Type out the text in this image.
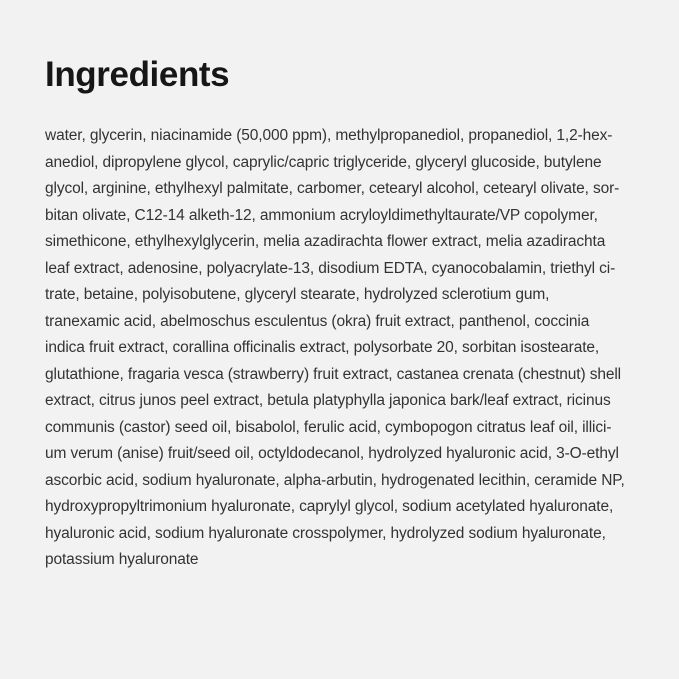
Ingredients
water, glycerin, niacinamide (50,000 ppm), methylpropanediol, propanediol, 1,2-hex-
anediol, dipropylene glycol, caprylic/capric triglyceride, glyceryl glucoside, butylene
glycol, arginine, ethylhexyl palmitate, carbomer, cetearyl alcohol, cetearyl olivate, sor-
bitan olivate, C12-14 alketh-12, ammonium acryloyldimethyltaurate/VP copolymer,
simethicone, ethylhexylglycerin, melia azadirachta flower extract, melia azadirachta
leaf extract, adenosine, polyacrylate-13, disodium EDTA, cyanocobalamin, triethyl ci-
trate, betaine, polyisobutene, glyceryl stearate, hydrolyzed sclerotium gum,
tranexamic acid, abelmoschus esculentus (okra) fruit extract, panthenol, coccinia
indica fruit extract, corallina officinalis extract, polysorbate 20, sorbitan isostearate,
glutathione, fragaria vesca (strawberry) fruit extract, castanea crenata (chestnut) shell
extract, citrus junos peel extract, betula platyphylla japonica bark/leaf extract, ricinus
communis (castor) seed oil, bisabolol, ferulic acid, cymbopogon citratus leaf oil, illici-
um verum (anise) fruit/seed oil, octyldodecanol, hydrolyzed hyaluronic acid, 3-O-ethyl
ascorbic acid, sodium hyaluronate, alpha-arbutin, hydrogenated lecithin, ceramide NP,
hydroxypropyltrimonium hyaluronate, caprylyl glycol, sodium acetylated hyaluronate,
hyaluronic acid, sodium hyaluronate crosspolymer, hydrolyzed sodium hyaluronate,
potassium hyaluronate
